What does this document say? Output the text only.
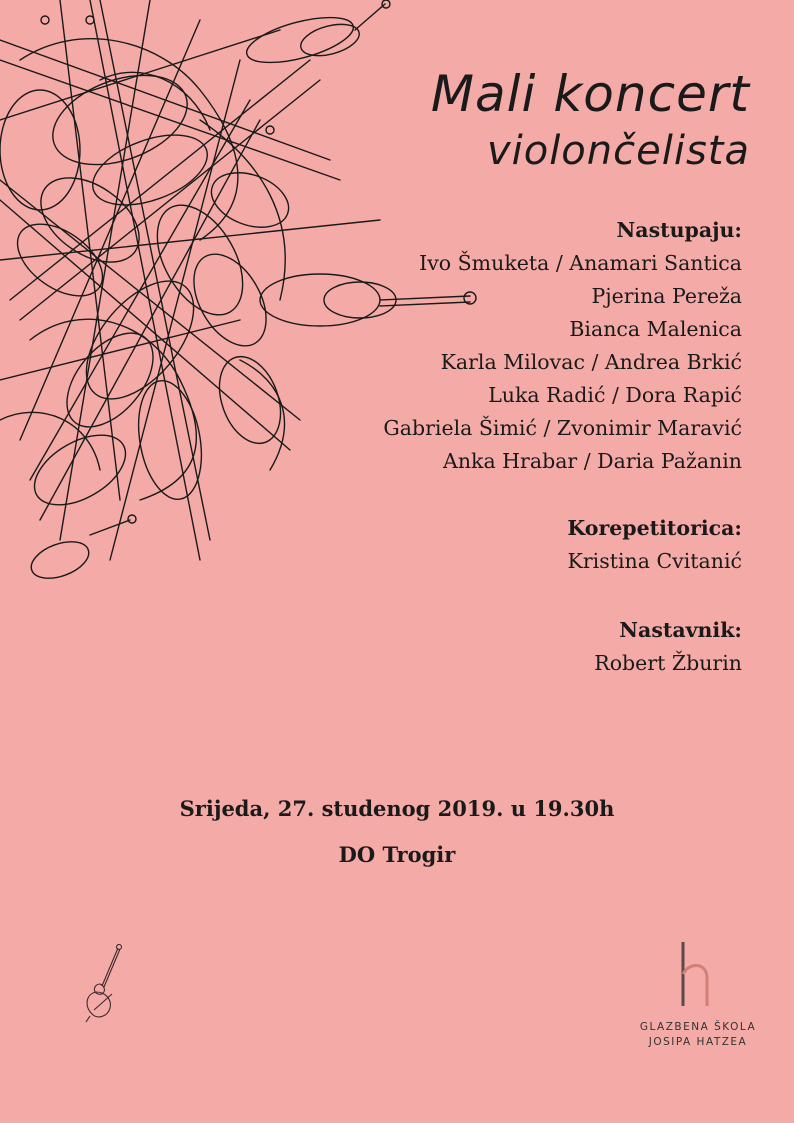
Mali koncert
violončelista
Nastupaju:
Ivo Šmuketa / Anamari Santica
Pjerina Pereža
Bianca Malenica
Karla Milovac / Andrea Brkić
Luka Radić / Dora Rapić
Gabriela Šimić / Zvonimir Maravić
Anka Hrabar / Daria Pažanin
Korepetitorica:
Kristina Cvitanić
Nastavnik:
Robert Žburin
Srijeda, 27. studenog 2019. u 19.30h
DO Trogir
GLAZBENA ŠKOLA
JOSIPA HATZEA
